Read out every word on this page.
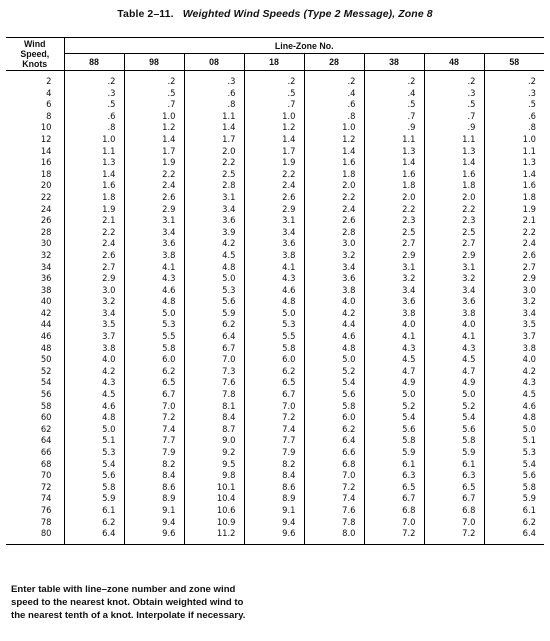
Table 2–11. Weighted Wind Speeds (Type 2 Message), Zone 8
Wind
Speed,
Knots	Line-Zone No.							
	88	98	08	18	28	38	48	58

2	.2	.2	.3	.2	.2	.2	.2	.2
4	.3	.5	.6	.5	.4	.4	.3	.3
6	.5	.7	.8	.7	.6	.5	.5	.5
8	.6	1.0	1.1	1.0	.8	.7	.7	.6
10	.8	1.2	1.4	1.2	1.0	.9	.9	.8
12	1.0	1.4	1.7	1.4	1.2	1.1	1.1	1.0
14	1.1	1.7	2.0	1.7	1.4	1.3	1.3	1.1
16	1.3	1.9	2.2	1.9	1.6	1.4	1.4	1.3
18	1.4	2.2	2.5	2.2	1.8	1.6	1.6	1.4
20	1.6	2.4	2.8	2.4	2.0	1.8	1.8	1.6
22	1.8	2.6	3.1	2.6	2.2	2.0	2.0	1.8
24	1.9	2.9	3.4	2.9	2.4	2.2	2.2	1.9
26	2.1	3.1	3.6	3.1	2.6	2.3	2.3	2.1
28	2.2	3.4	3.9	3.4	2.8	2.5	2.5	2.2
30	2.4	3.6	4.2	3.6	3.0	2.7	2.7	2.4
32	2.6	3.8	4.5	3.8	3.2	2.9	2.9	2.6
34	2.7	4.1	4.8	4.1	3.4	3.1	3.1	2.7
36	2.9	4.3	5.0	4.3	3.6	3.2	3.2	2.9
38	3.0	4.6	5.3	4.6	3.8	3.4	3.4	3.0
40	3.2	4.8	5.6	4.8	4.0	3.6	3.6	3.2
42	3.4	5.0	5.9	5.0	4.2	3.8	3.8	3.4
44	3.5	5.3	6.2	5.3	4.4	4.0	4.0	3.5
46	3.7	5.5	6.4	5.5	4.6	4.1	4.1	3.7
48	3.8	5.8	6.7	5.8	4.8	4.3	4.3	3.8
50	4.0	6.0	7.0	6.0	5.0	4.5	4.5	4.0
52	4.2	6.2	7.3	6.2	5.2	4.7	4.7	4.2
54	4.3	6.5	7.6	6.5	5.4	4.9	4.9	4.3
56	4.5	6.7	7.8	6.7	5.6	5.0	5.0	4.5
58	4.6	7.0	8.1	7.0	5.8	5.2	5.2	4.6
60	4.8	7.2	8.4	7.2	6.0	5.4	5.4	4.8
62	5.0	7.4	8.7	7.4	6.2	5.6	5.6	5.0
64	5.1	7.7	9.0	7.7	6.4	5.8	5.8	5.1
66	5.3	7.9	9.2	7.9	6.6	5.9	5.9	5.3
68	5.4	8.2	9.5	8.2	6.8	6.1	6.1	5.4
70	5.6	8.4	9.8	8.4	7.0	6.3	6.3	5.6
72	5.8	8.6	10.1	8.6	7.2	6.5	6.5	5.8
74	5.9	8.9	10.4	8.9	7.4	6.7	6.7	5.9
76	6.1	9.1	10.6	9.1	7.6	6.8	6.8	6.1
78	6.2	9.4	10.9	9.4	7.8	7.0	7.0	6.2
80	6.4	9.6	11.2	9.6	8.0	7.2	7.2	6.4
Enter table with line–zone number and zone wind
speed to the nearest knot. Obtain weighted wind to
the nearest tenth of a knot. Interpolate if necessary.
